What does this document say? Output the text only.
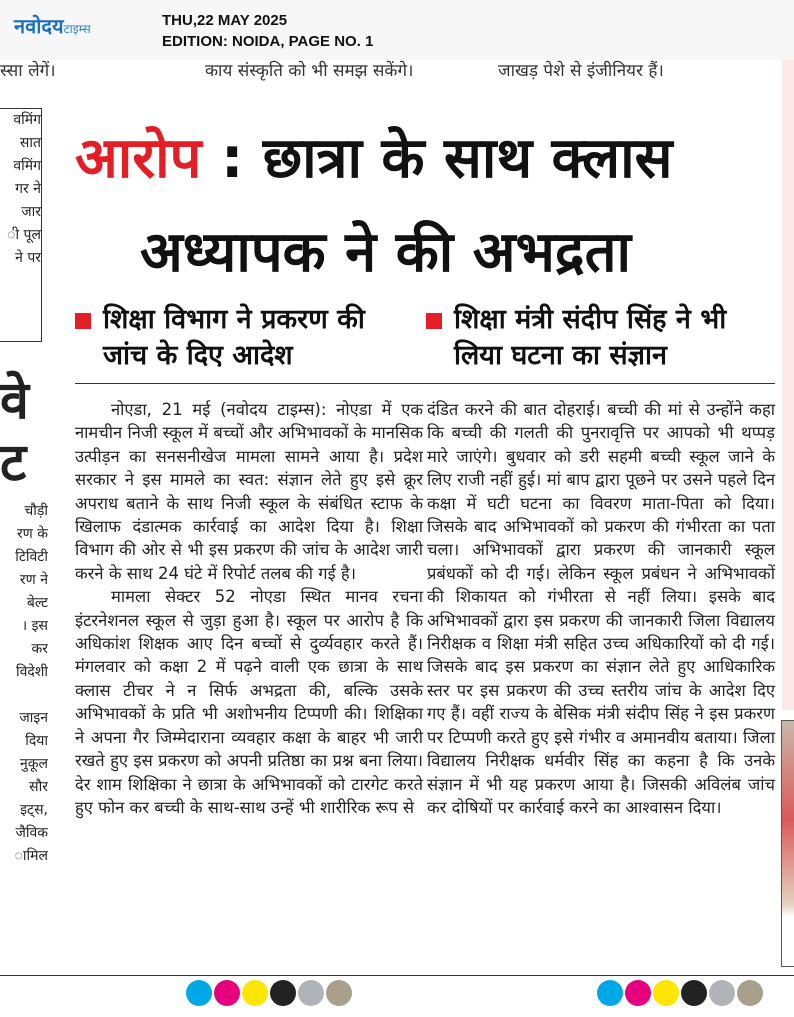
नवोदयटाइम्स	THU,22 MAY 2025
EDITION: NOIDA, PAGE NO. 1
स्सा लेगें।	काय संस्कृति को भी समझ सकेंगे।	जाखड़ पेशे से इंजीनियर हैं।
वमिंग
सात
वमिंग
गर ने
जार
ी पूल
ने पर
वे
ट
चौड़ी
रण के
टिविटी
रण ने
बेल्ट
। इस
कर
विदेशी

जाइन
दिया
नुकूल
सौर
इट्स,
जैविक
ामिल
आरोप : छात्रा के साथ क्लास
अध्यापक ने की अभद्रता
शिक्षा विभाग ने प्रकरण की
जांच के दिए आदेश
शिक्षा मंत्री संदीप सिंह ने भी
लिया घटना का संज्ञान

नोएडा, 21 मई (नवोदय टाइम्स): नोएडा में एक नामचीन निजी स्कूल में बच्चों और अभिभावकों के मानसिक उत्पीड़न का सनसनीखेज मामला सामने आया है। प्रदेश सरकार ने इस मामले का स्वत: संज्ञान लेते हुए इसे क्रूर अपराध बताने के साथ निजी स्कूल के संबंधित स्टाफ के खिलाफ दंडात्मक कार्रवाई का आदेश दिया है। शिक्षा विभाग की ओर से भी इस प्रकरण की जांच के आदेश जारी करने के साथ 24 घंटे में रिपोर्ट तलब की गई है।

मामला सेक्टर 52 नोएडा स्थित मानव रचना इंटरनेशनल स्कूल से जुड़ा हुआ है। स्कूल पर आरोप है कि अधिकांश शिक्षक आए दिन बच्चों से दुर्व्यवहार करते हैं। मंगलवार को कक्षा 2 में पढ़ने वाली एक छात्रा के साथ क्लास टीचर ने न सिर्फ अभद्रता की, बल्कि उसके अभिभावकों के प्रति भी अशोभनीय टिप्पणी की। शिक्षिका ने अपना गैर जिम्मेदाराना व्यवहार कक्षा के बाहर भी जारी रखते हुए इस प्रकरण को अपनी प्रतिष्ठा का प्रश्न बना लिया। देर शाम शिक्षिका ने छात्रा के अभिभावकों को टारगेट करते हुए फोन कर बच्ची के साथ-साथ उन्हें भी शारीरिक रूप से

दंडित करने की बात दोहराई। बच्ची की मां से उन्होंने कहा कि बच्ची की गलती की पुनरावृत्ति पर आपको भी थप्पड़ मारे जाएंगे। बुधवार को डरी सहमी बच्ची स्कूल जाने के लिए राजी नहीं हुई। मां बाप द्वारा पूछने पर उसने पहले दिन कक्षा में घटी घटना का विवरण माता-पिता को दिया। जिसके बाद अभिभावकों को प्रकरण की गंभीरता का पता चला। अभिभावकों द्वारा प्रकरण की जानकारी स्कूल प्रबंधकों को दी गई। लेकिन स्कूल प्रबंधन ने अभिभावकों की शिकायत को गंभीरता से नहीं लिया। इसके बाद अभिभावकों द्वारा इस प्रकरण की जानकारी जिला विद्यालय निरीक्षक व शिक्षा मंत्री सहित उच्च अधिकारियों को दी गई। जिसके बाद इस प्रकरण का संज्ञान लेते हुए आधिकारिक स्तर पर इस प्रकरण की उच्च स्तरीय जांच के आदेश दिए गए हैं। वहीं राज्य के बेसिक मंत्री संदीप सिंह ने इस प्रकरण पर टिप्पणी करते हुए इसे गंभीर व अमानवीय बताया। जिला विद्यालय निरीक्षक धर्मवीर सिंह का कहना है कि उनके संज्ञान में भी यह प्रकरण आया है। जिसकी अविलंब जांच कर दोषियों पर कार्रवाई करने का आश्वासन दिया।
